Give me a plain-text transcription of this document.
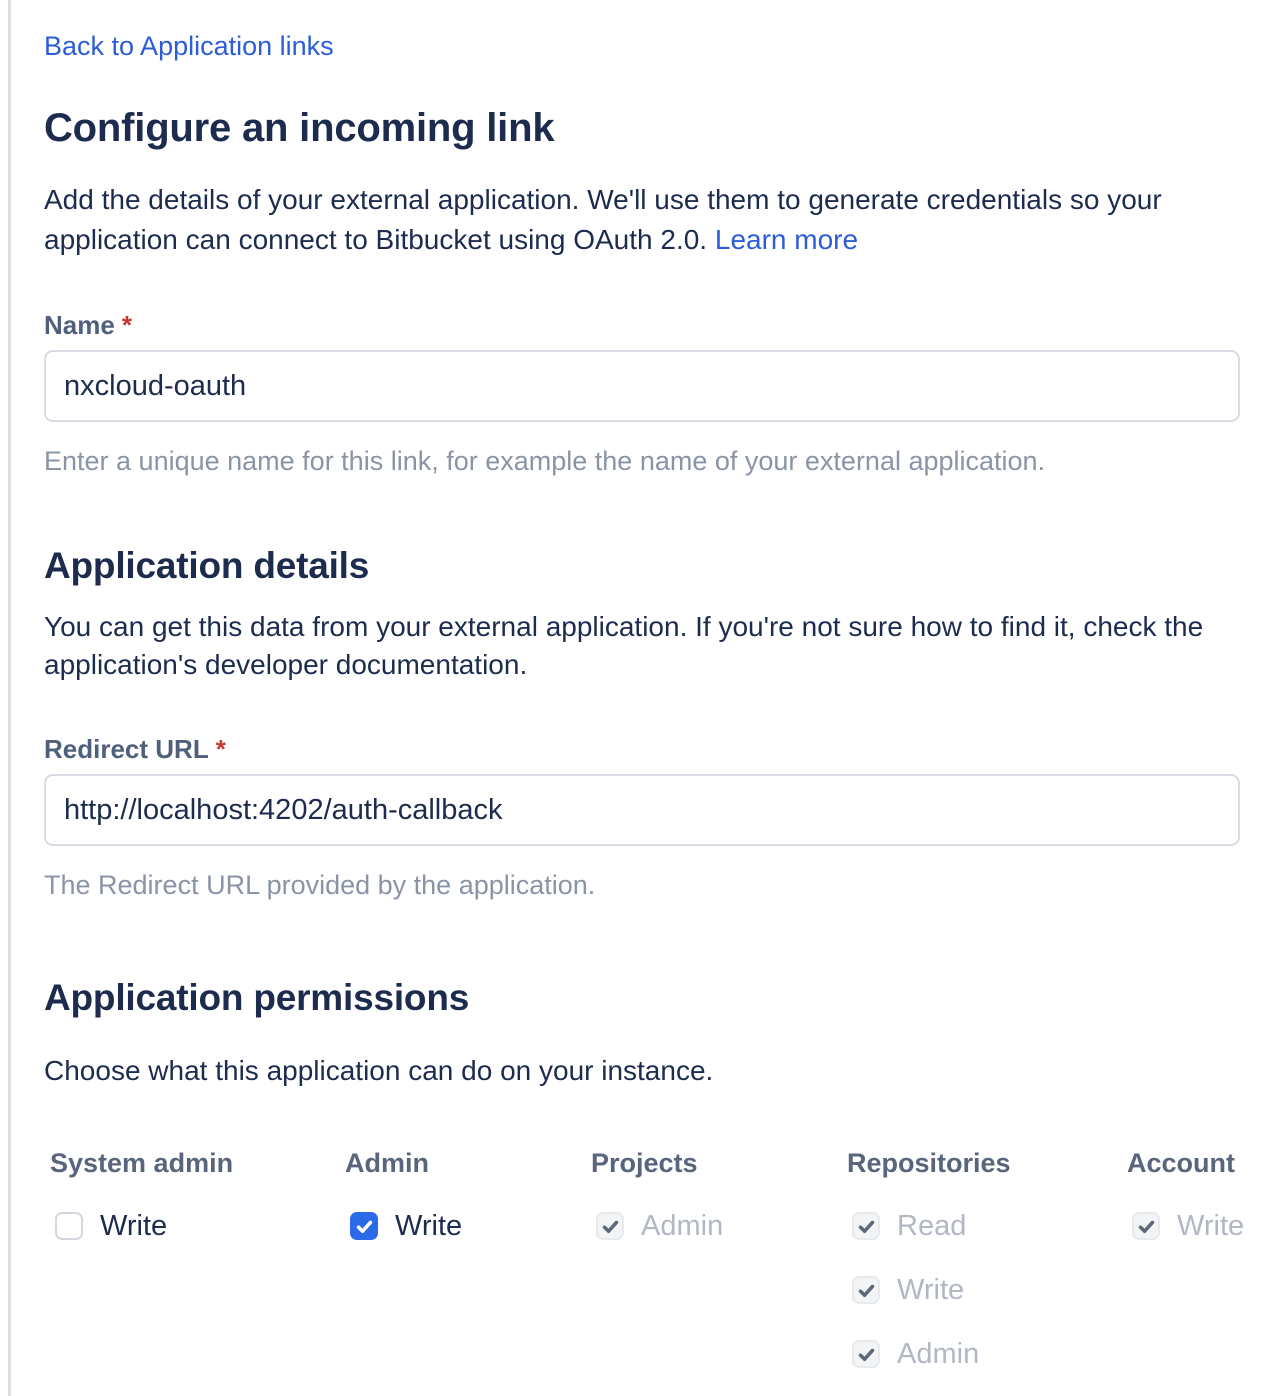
Back to Application links
Configure an incoming link

Add the details of your external application. We'll use them to generate credentials so your application can connect to Bitbucket using OAuth 2.0. Learn more

Name *
nxcloud-oauth
Enter a unique name for this link, for example the name of your external application.
Application details

You can get this data from your external application. If you're not sure how to find it, check the application's developer documentation.

Redirect URL *
http://localhost:4202/auth-callback
The Redirect URL provided by the application.
Application permissions

Choose what this application can do on your instance.

System admin
Write
Admin
Write
Projects
Admin
Repositories
Read
Write
Admin
Account
Write
